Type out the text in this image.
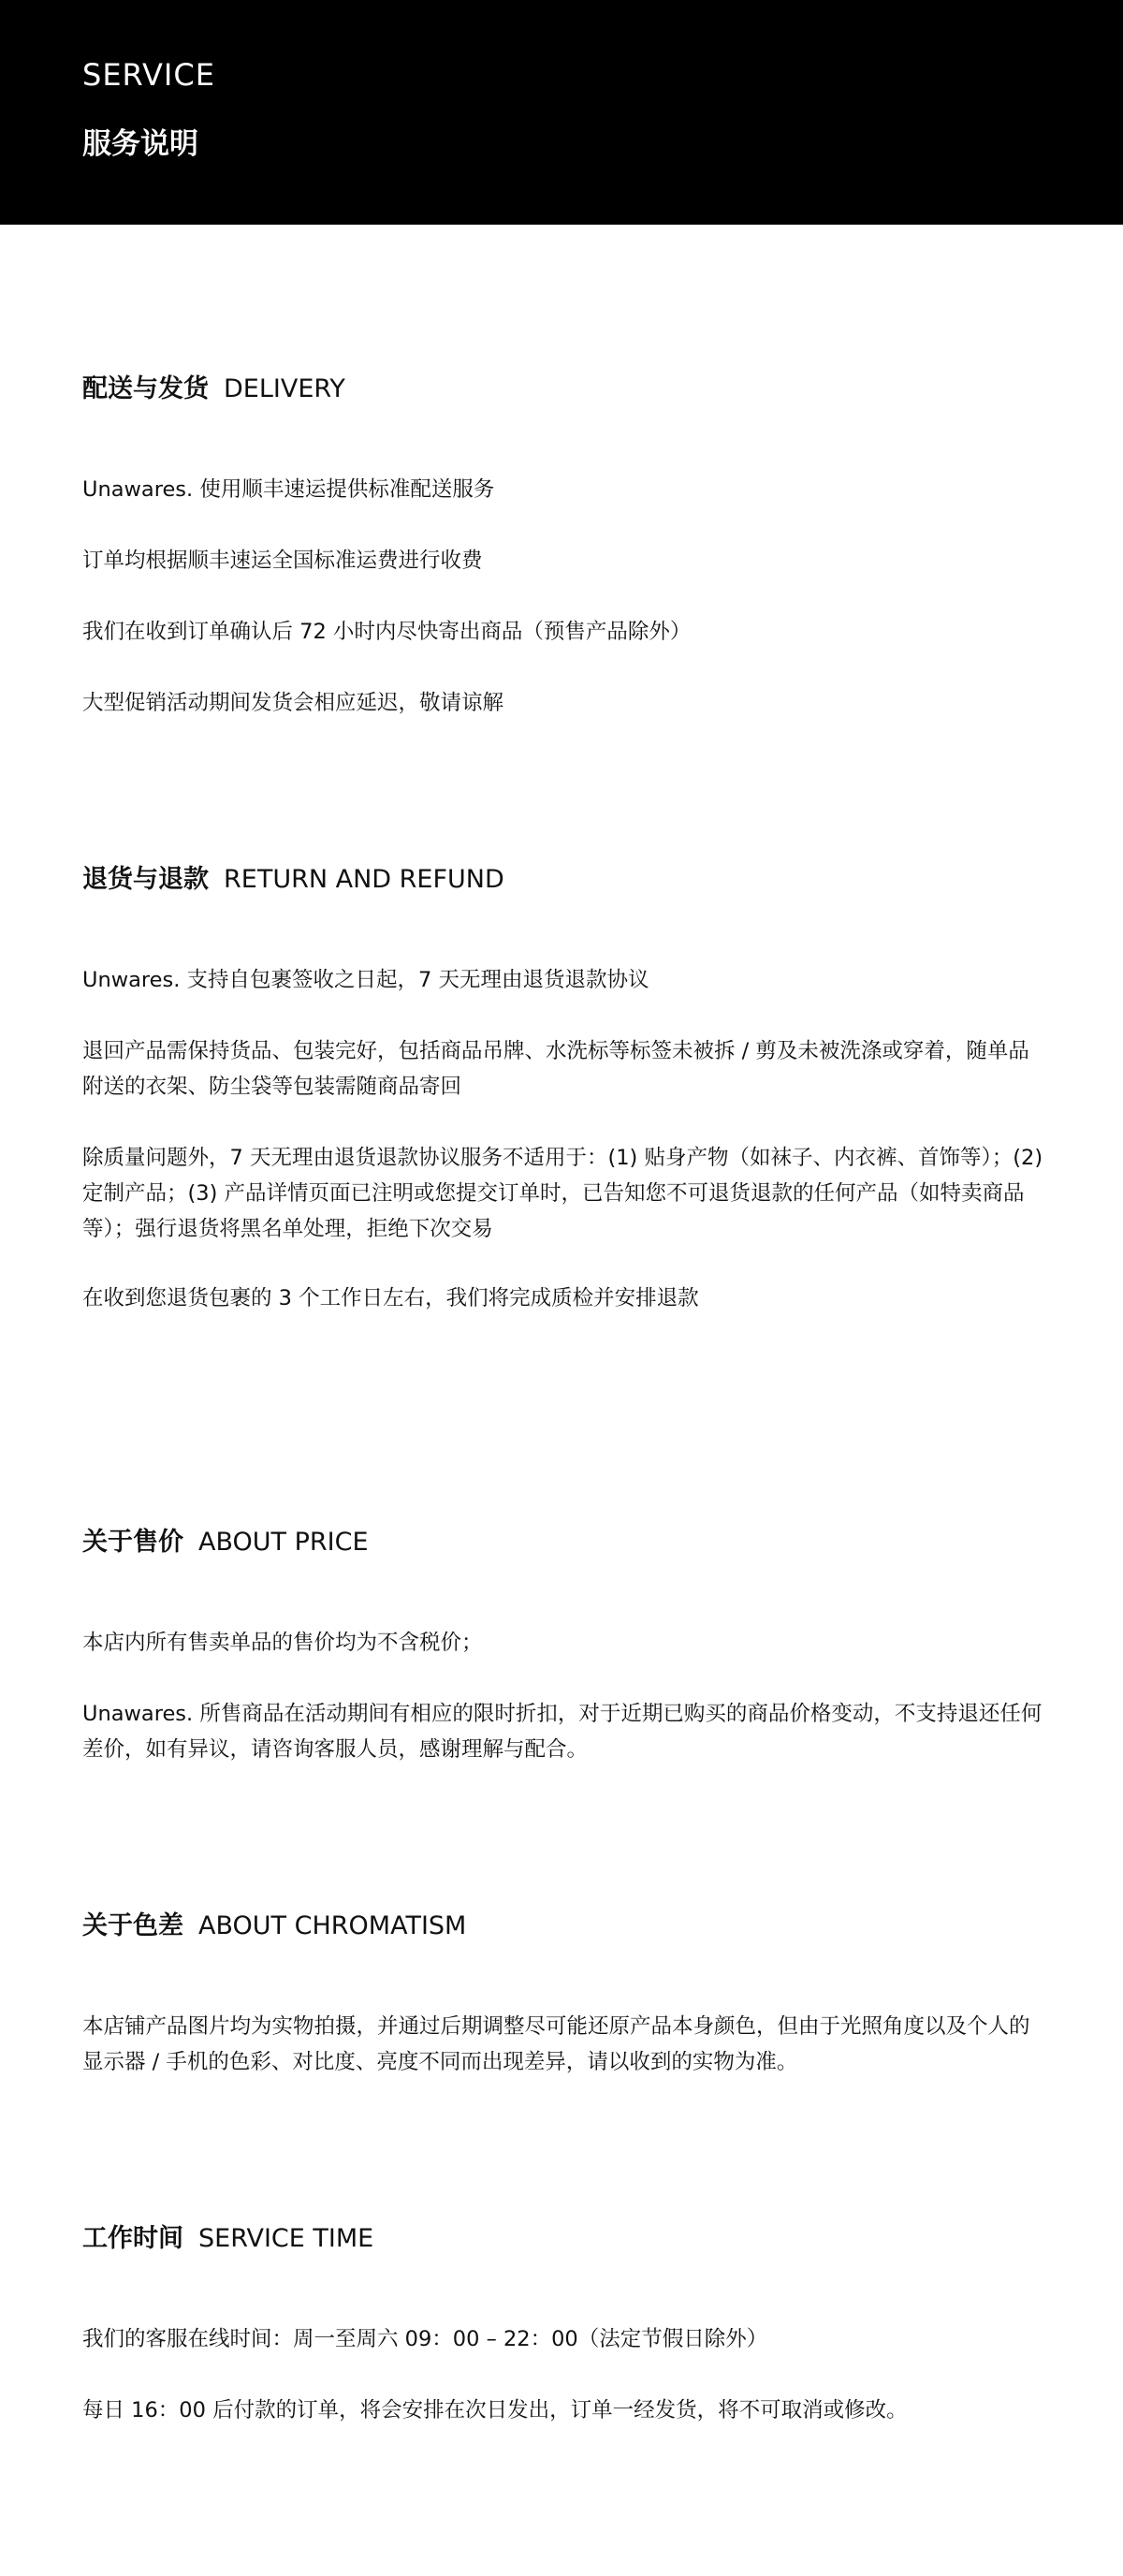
SERVICE
服务说明
配送与发货 DELIVERY
Unawares. 使用顺丰速运提供标准配送服务
订单均根据顺丰速运全国标准运费进行收费
我们在收到订单确认后 72 小时内尽快寄出商品（预售产品除外）
大型促销活动期间发货会相应延迟，敬请谅解
退货与退款 RETURN AND REFUND
Unwares. 支持自包裹签收之日起，7 天无理由退货退款协议
退回产品需保持货品、包装完好，包括商品吊牌、水洗标等标签未被拆 / 剪及未被洗涤或穿着，随单品附送的衣架、防尘袋等包装需随商品寄回
除质量问题外，7 天无理由退货退款协议服务不适用于：(1) 贴身产物（如袜子、内衣裤、首饰等）；(2) 定制产品；(3) 产品详情页面已注明或您提交订单时，已告知您不可退货退款的任何产品（如特卖商品等）；强行退货将黑名单处理，拒绝下次交易
在收到您退货包裹的 3 个工作日左右，我们将完成质检并安排退款
关于售价 ABOUT PRICE
本店内所有售卖单品的售价均为不含税价；
Unawares. 所售商品在活动期间有相应的限时折扣，对于近期已购买的商品价格变动，不支持退还任何差价，如有异议，请咨询客服人员，感谢理解与配合。
关于色差 ABOUT CHROMATISM
本店铺产品图片均为实物拍摄，并通过后期调整尽可能还原产品本身颜色，但由于光照角度以及个人的显示器 / 手机的色彩、对比度、亮度不同而出现差异，请以收到的实物为准。
工作时间 SERVICE TIME
我们的客服在线时间：周一至周六 09：00 – 22：00（法定节假日除外）
每日 16：00 后付款的订单，将会安排在次日发出，订单一经发货，将不可取消或修改。
